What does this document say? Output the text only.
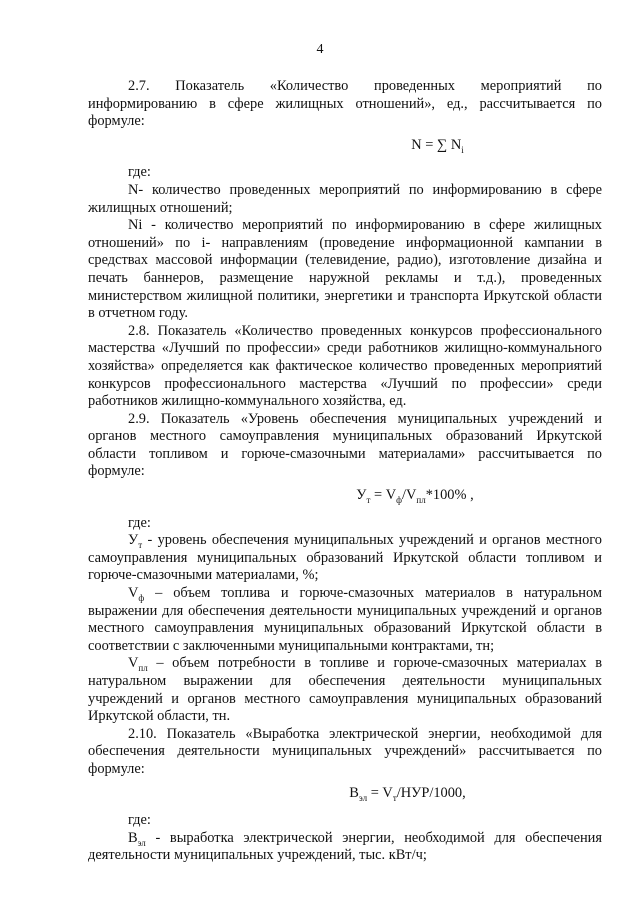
4

2.7. Показатель «Количество проведенных мероприятий по информированию в сфере жилищных отношений», ед., рассчитывается по формуле:

N = ∑ $N_i$

где:

N- количество проведенных мероприятий по информированию в сфере жилищных отношений;

Ni - количество мероприятий по информированию в сфере жилищных отношений» по i- направлениям (проведение информационной кампании в средствах массовой информации (телевидение, радио), изготовление дизайна и печать баннеров, размещение наружной рекламы и т.д.), проведенных министерством жилищной политики, энергетики и транспорта Иркутской области в отчетном году.

2.8. Показатель «Количество проведенных конкурсов профессионального мастерства «Лучший по профессии» среди работников жилищно-коммунального хозяйства» определяется как фактическое количество проведенных мероприятий конкурсов профессионального мастерства «Лучший по профессии» среди работников жилищно-коммунального хозяйства, ед.

2.9. Показатель «Уровень обеспечения муниципальных учреждений и органов местного самоуправления муниципальных образований Иркутской области топливом и горюче-смазочными материалами» рассчитывается по формуле:

$У_т = V_ф/V_{пл}*100\%$ ,

где:

$У_т$ - уровень обеспечения муниципальных учреждений и органов местного самоуправления муниципальных образований Иркутской области топливом и горюче-смазочными материалами, %;

$V_ф$ – объем топлива и горюче-смазочных материалов в натуральном выражении для обеспечения деятельности муниципальных учреждений и органов местного самоуправления муниципальных образований Иркутской области в соответствии с заключенными муниципальными контрактами, тн;

$V_{пл}$ – объем потребности в топливе и горюче-смазочных материалах в натуральном выражении для обеспечения деятельности муниципальных учреждений и органов местного самоуправления муниципальных образований Иркутской области, тн.

2.10. Показатель «Выработка электрической энергии, необходимой для обеспечения деятельности муниципальных учреждений» рассчитывается по формуле:

$В_{эл} = V_т/НУР/1000$,

где:

$В_{эл}$ - выработка электрической энергии, необходимой для обеспечения деятельности муниципальных учреждений, тыс. кВт/ч;
